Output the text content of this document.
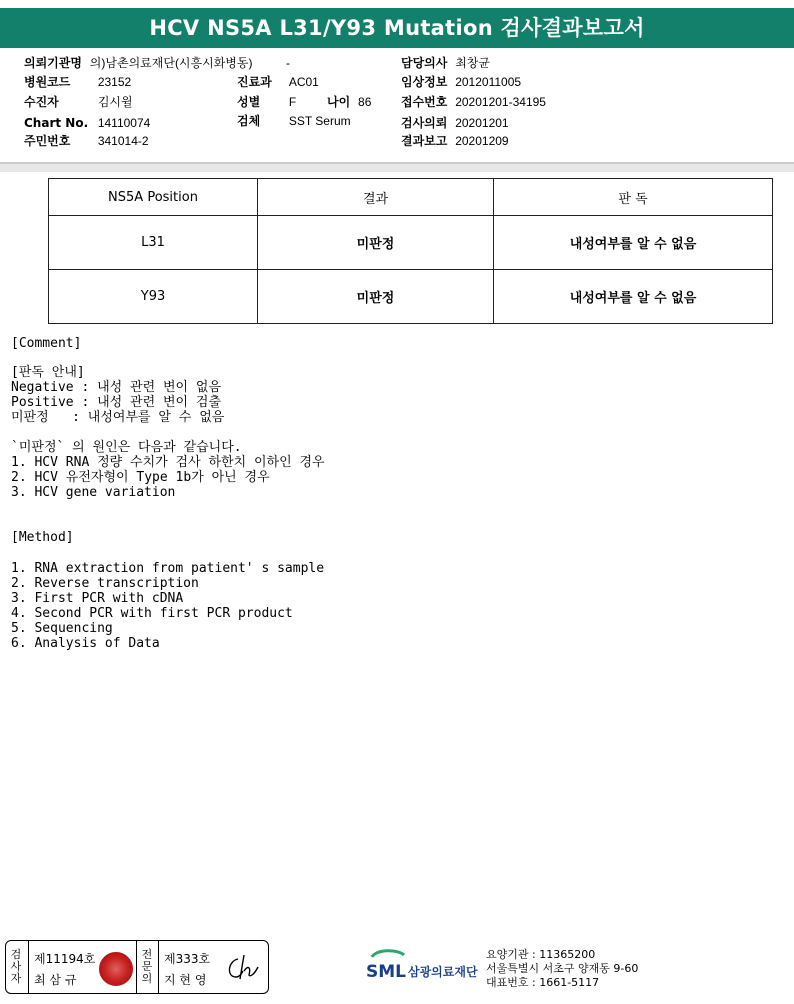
HCV NS5A L31/Y93 Mutation 검사결과보고서
의뢰기관명 의)남촌의료재단(시흥시화병동)	-	담당의사 최창균
병원코드 23152	진료과 AC01	임상정보 2012011005
수진자	김시윌	성별 F	나이 86 접수번호 20201201-34195
Chart No. 14110074	검체 SST Serum	검사의뢰 20201201
주민번호 341014-2	결과보고 20201209
NS5A Position	결과	판 독
L31	미판정	내성여부를 알 수 없음
Y93	미판정	내성여부를 알 수 없음
[Comment]
[판독 안내]
Negative : 내성 관련 변이 없음
Positive : 내성 관련 변이 검출
미판정   : 내성여부를 알 수 없음
`미판정` 의 원인은 다음과 같습니다.
1. HCV RNA 정량 수치가 검사 하한치 이하인 경우
2. HCV 유전자형이 Type 1b가 아닌 경우
3. HCV gene variation
[Method]
1. RNA extraction from patient' s sample
2. Reverse transcription
3. First PCR with cDNA
4. Second PCR with first PCR product
5. Sequencing
6. Analysis of Data
검사자
제11194호
최 삼 규
전문의
제333호
지 현 영	SML 삼광의료재단
요양기관 : 11365200
서울특별시 서초구 양재동 9-60
대표번호 : 1661-5117
